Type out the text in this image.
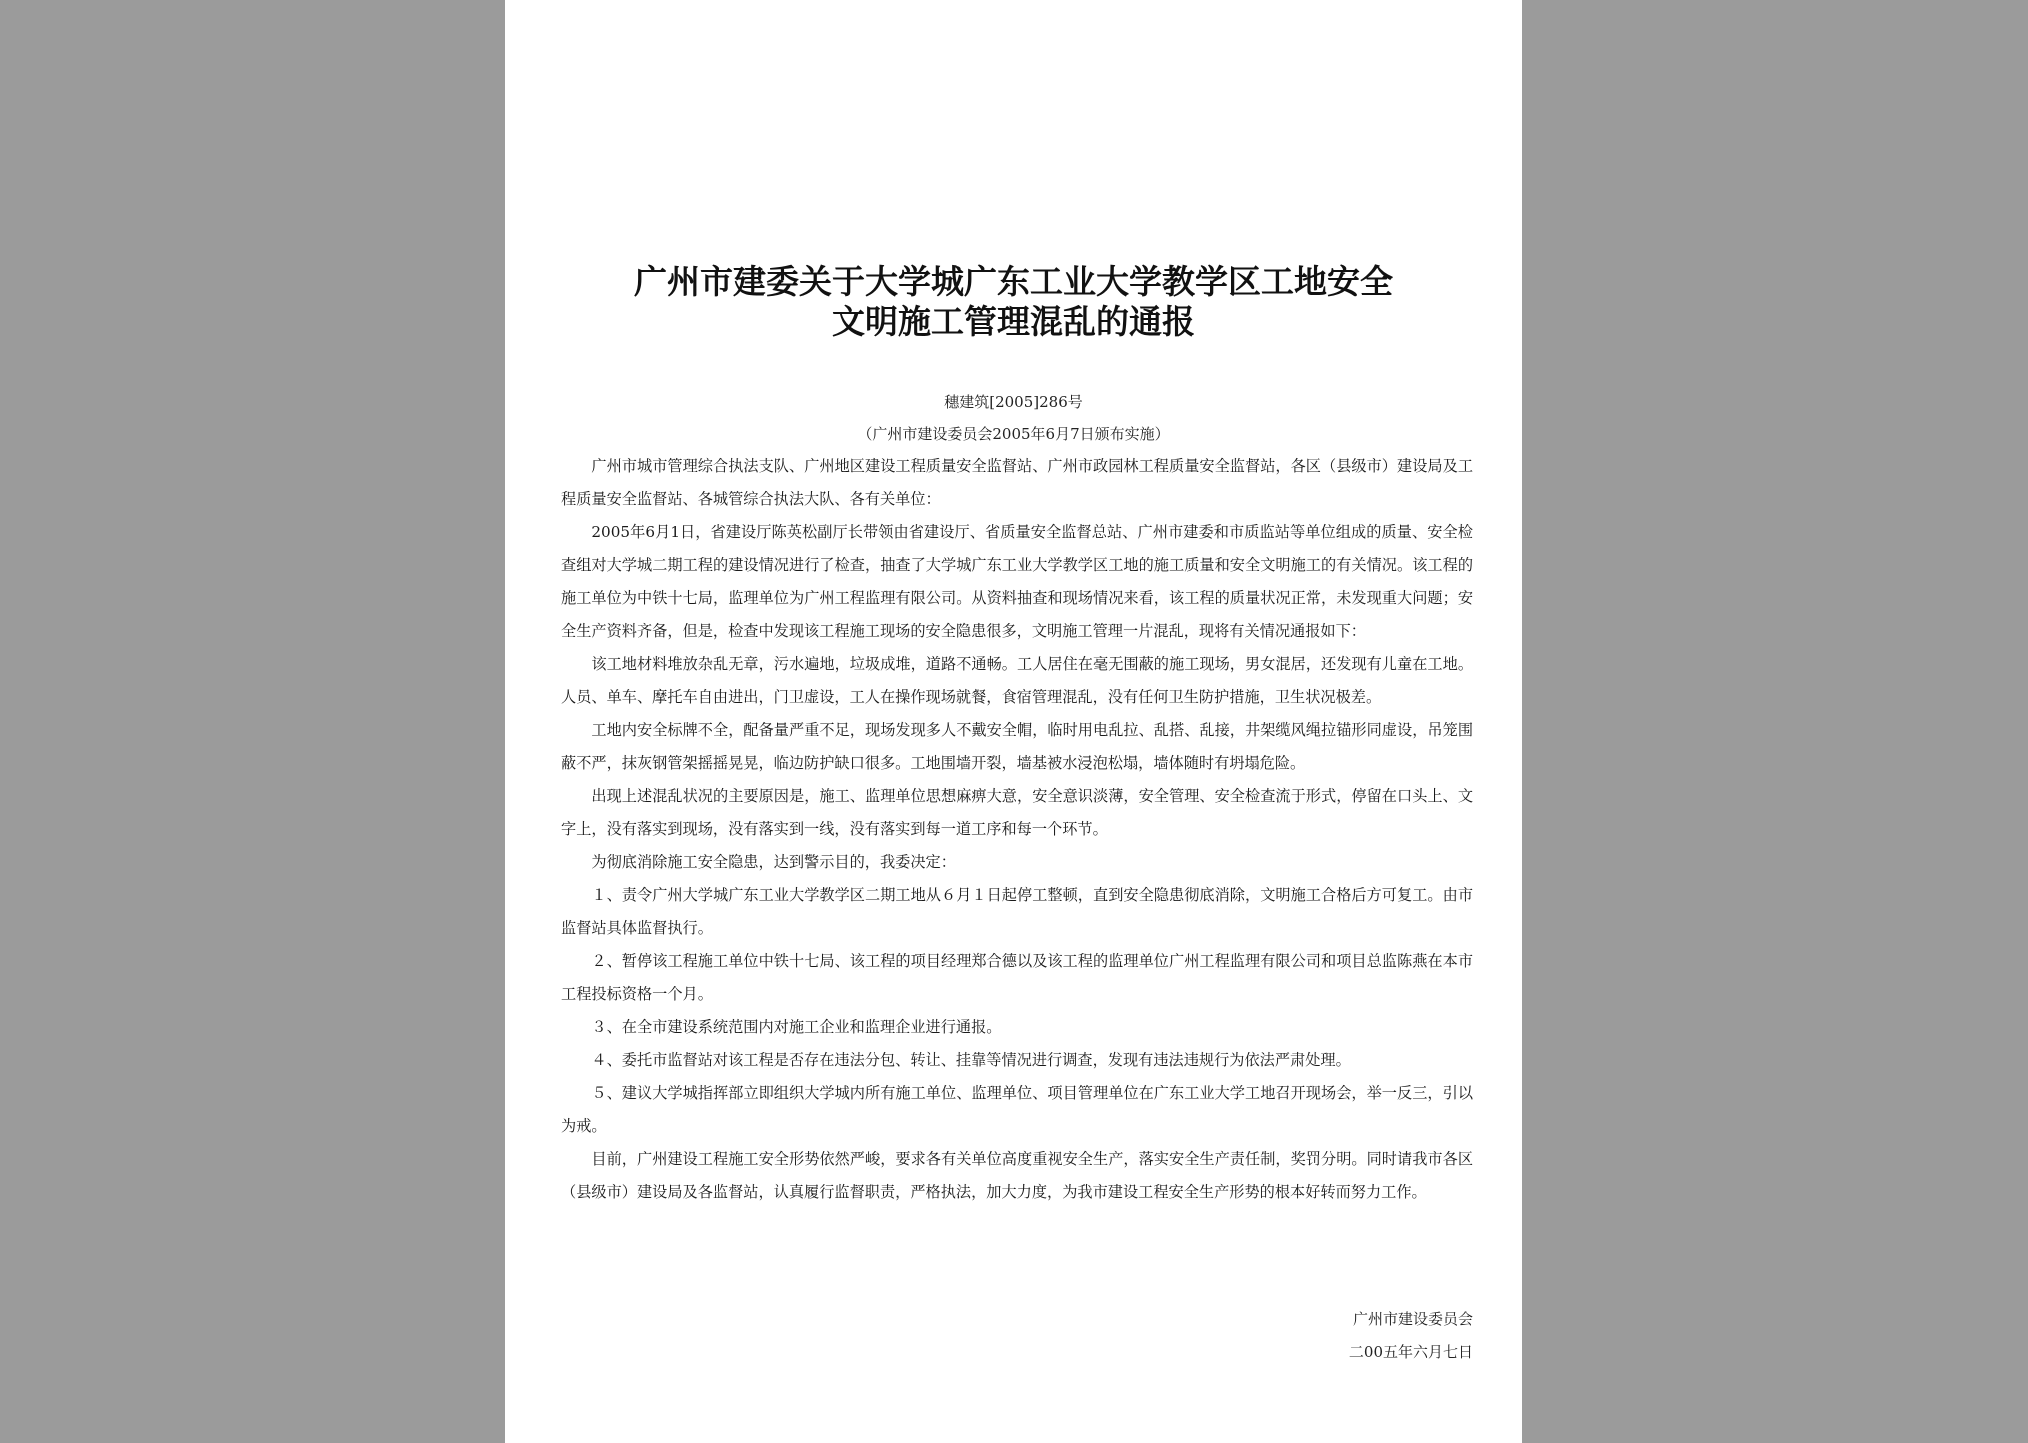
广州市建委关于大学城广东工业大学教学区工地安全
文明施工管理混乱的通报
穗建筑[2005]286号
（广州市建设委员会2005年6月7日颁布实施）

广州市城市管理综合执法支队、广州地区建设工程质量安全监督站、广州市政园林工程质量安全监督站，各区（县级市）建设局及工程质量安全监督站、各城管综合执法大队、各有关单位：

2005年6月1日，省建设厅陈英松副厅长带领由省建设厅、省质量安全监督总站、广州市建委和市质监站等单位组成的质量、安全检查组对大学城二期工程的建设情况进行了检查，抽查了大学城广东工业大学教学区工地的施工质量和安全文明施工的有关情况。该工程的施工单位为中铁十七局，监理单位为广州工程监理有限公司。从资料抽查和现场情况来看，该工程的质量状况正常，未发现重大问题；安全生产资料齐备，但是，检查中发现该工程施工现场的安全隐患很多，文明施工管理一片混乱，现将有关情况通报如下：

该工地材料堆放杂乱无章，污水遍地，垃圾成堆，道路不通畅。工人居住在毫无围蔽的施工现场，男女混居，还发现有儿童在工地。人员、单车、摩托车自由进出，门卫虚设，工人在操作现场就餐，食宿管理混乱，没有任何卫生防护措施，卫生状况极差。

工地内安全标牌不全，配备量严重不足，现场发现多人不戴安全帽，临时用电乱拉、乱搭、乱接，井架缆风绳拉锚形同虚设，吊笼围蔽不严，抹灰钢管架摇摇晃晃，临边防护缺口很多。工地围墙开裂，墙基被水浸泡松塌，墙体随时有坍塌危险。

出现上述混乱状况的主要原因是，施工、监理单位思想麻痹大意，安全意识淡薄，安全管理、安全检查流于形式，停留在口头上、文字上，没有落实到现场，没有落实到一线，没有落实到每一道工序和每一个环节。

为彻底消除施工安全隐患，达到警示目的，我委决定：

１、责令广州大学城广东工业大学教学区二期工地从６月１日起停工整顿，直到安全隐患彻底消除，文明施工合格后方可复工。由市监督站具体监督执行。

２、暂停该工程施工单位中铁十七局、该工程的项目经理郑合德以及该工程的监理单位广州工程监理有限公司和项目总监陈燕在本市工程投标资格一个月。

３、在全市建设系统范围内对施工企业和监理企业进行通报。

４、委托市监督站对该工程是否存在违法分包、转让、挂靠等情况进行调查，发现有违法违规行为依法严肃处理。

５、建议大学城指挥部立即组织大学城内所有施工单位、监理单位、项目管理单位在广东工业大学工地召开现场会，举一反三，引以为戒。

目前，广州建设工程施工安全形势依然严峻，要求各有关单位高度重视安全生产，落实安全生产责任制，奖罚分明。同时请我市各区（县级市）建设局及各监督站，认真履行监督职责，严格执法，加大力度，为我市建设工程安全生产形势的根本好转而努力工作。

广州市建设委员会
二00五年六月七日
